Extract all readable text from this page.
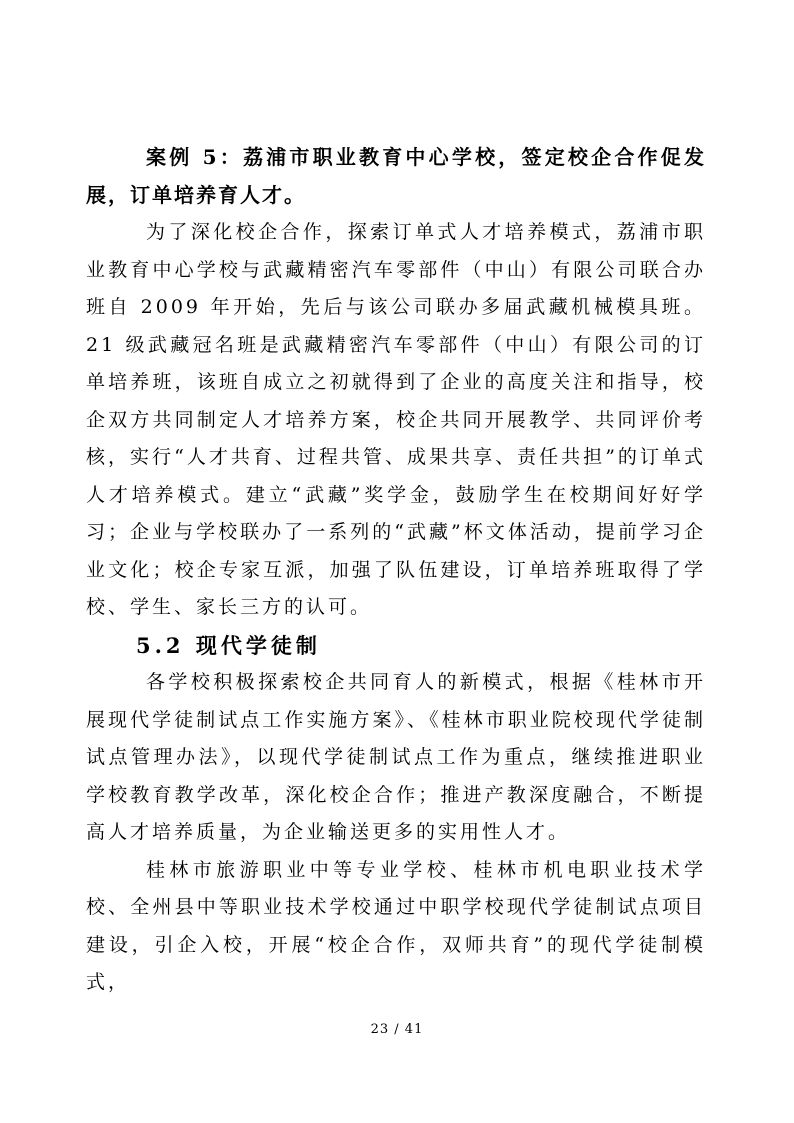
案例 5：荔浦市职业教育中心学校，签定校企合作促发展，订单培养育人才。

为了深化校企合作，探索订单式人才培养模式，荔浦市职业教育中心学校与武藏精密汽车零部件（中山）有限公司联合办班自 2009 年开始，先后与该公司联办多届武藏机械模具班。21 级武藏冠名班是武藏精密汽车零部件（中山）有限公司的订单培养班，该班自成立之初就得到了企业的高度关注和指导，校企双方共同制定人才培养方案，校企共同开展教学、共同评价考核，实行“人才共育、过程共管、成果共享、责任共担”的订单式人才培养模式。建立“武藏”奖学金，鼓励学生在校期间好好学习；企业与学校联办了一系列的“武藏”杯文体活动，提前学习企业文化；校企专家互派，加强了队伍建设，订单培养班取得了学校、学生、家长三方的认可。

5.2 现代学徒制

各学校积极探索校企共同育人的新模式，根据《桂林市开展现代学徒制试点工作实施方案》、《桂林市职业院校现代学徒制试点管理办法》，以现代学徒制试点工作为重点，继续推进职业学校教育教学改革，深化校企合作；推进产教深度融合，不断提高人才培养质量，为企业输送更多的实用性人才。

桂林市旅游职业中等专业学校、桂林市机电职业技术学校、全州县中等职业技术学校通过中职学校现代学徒制试点项目建设，引企入校，开展“校企合作，双师共育”的现代学徒制模式，

23 / 41
